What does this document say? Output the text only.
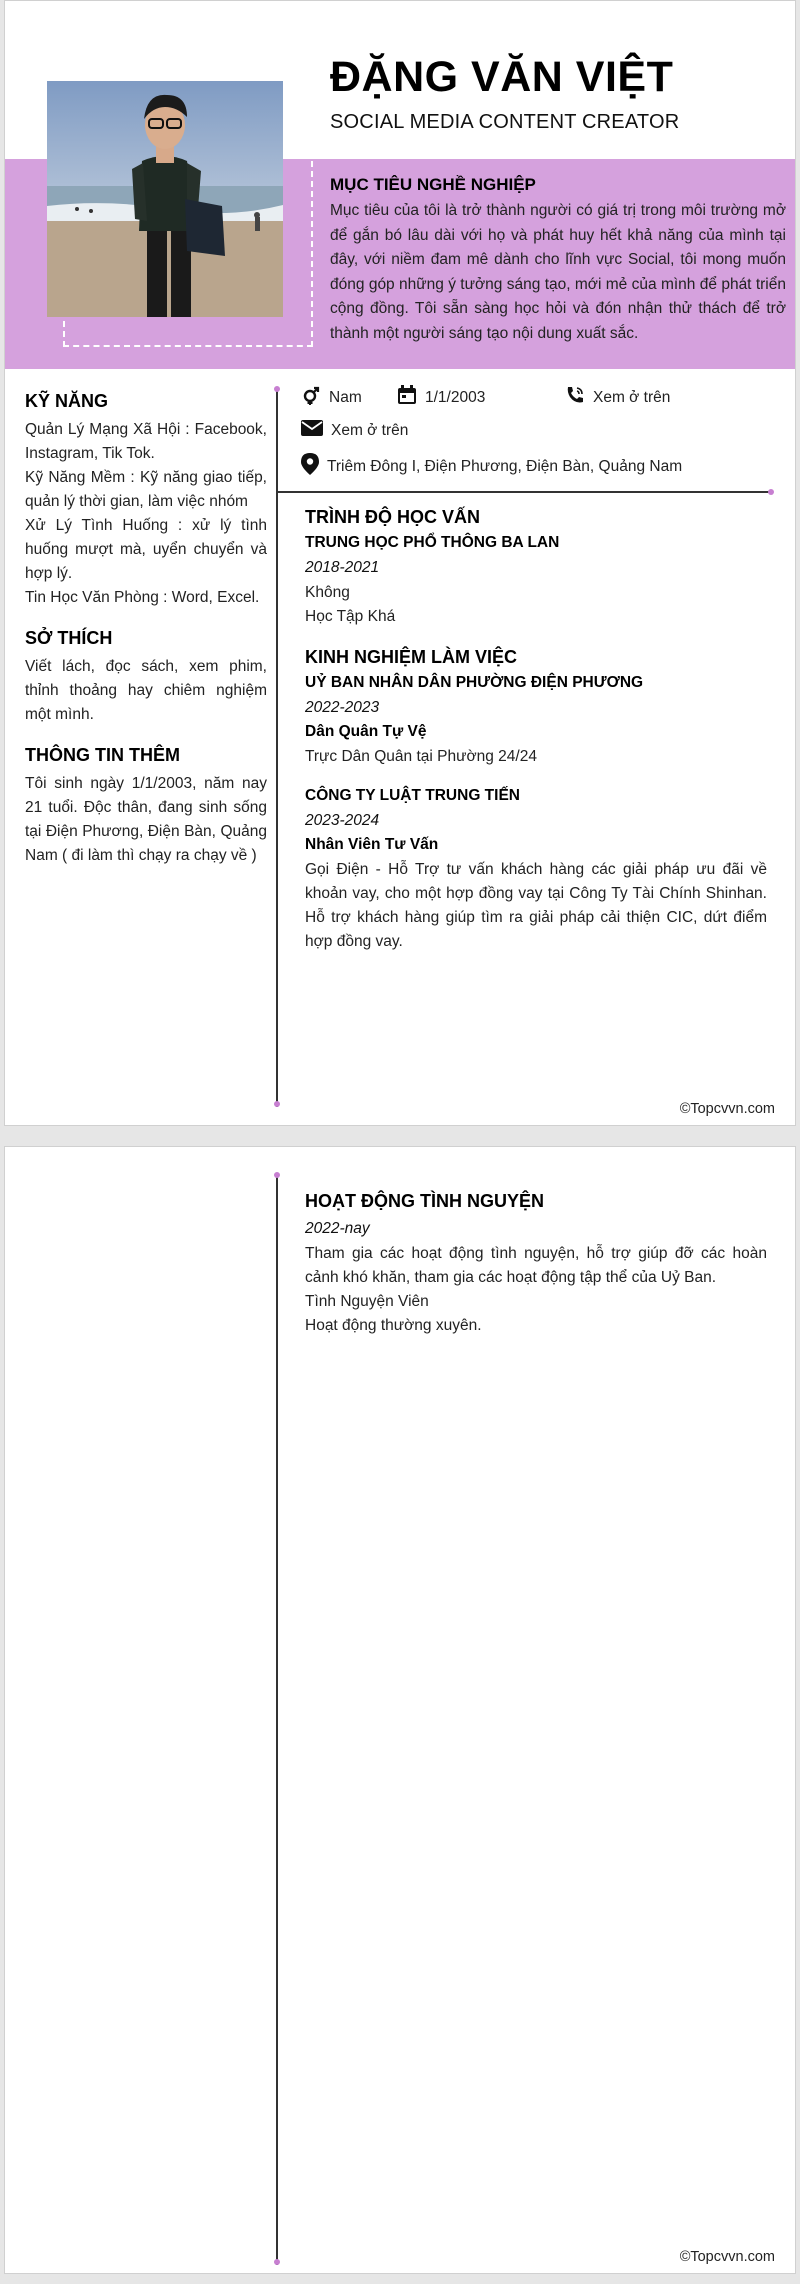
ĐẶNG VĂN VIỆT
SOCIAL MEDIA CONTENT CREATOR
MỤC TIÊU NGHỀ NGHIỆP
Mục tiêu của tôi là trở thành người có giá trị trong môi trường mở để gắn bó lâu dài với họ và phát huy hết khả năng của mình tại đây, với niềm đam mê dành cho lĩnh vực Social, tôi mong muốn đóng góp những ý tưởng sáng tạo, mới mẻ của mình để phát triển cộng đồng. Tôi sẵn sàng học hỏi và đón nhận thử thách để trở thành một người sáng tạo nội dung xuất sắc.
KỸ NĂNG

Quản Lý Mạng Xã Hội : Facebook, Instagram, Tik Tok.

Kỹ Năng Mềm : Kỹ năng giao tiếp, quản lý thời gian, làm việc nhóm

Xử Lý Tình Huống : xử lý tình huống mượt mà, uyển chuyển và hợp lý.

Tin Học Văn Phòng : Word, Excel.

SỞ THÍCH

Viết lách, đọc sách, xem phim, thỉnh thoảng hay chiêm nghiệm một mình.

THÔNG TIN THÊM

Tôi sinh ngày 1/1/2003, năm nay 21 tuổi. Độc thân, đang sinh sống tại Điện Phương, Điện Bàn, Quảng Nam ( đi làm thì chạy ra chạy về )

Nam	1/1/2003	Xem ở trên
Xem ở trên
Triêm Đông I, Điện Phương, Điện Bàn, Quảng Nam
TRÌNH ĐỘ HỌC VẤN
TRUNG HỌC PHỔ THÔNG BA LAN
2018-2021
Không
Học Tập Khá
KINH NGHIỆM LÀM VIỆC
UỶ BAN NHÂN DÂN PHƯỜNG ĐIỆN PHƯƠNG
2022-2023
Dân Quân Tự Vệ
Trực Dân Quân tại Phường 24/24
CÔNG TY LUẬT TRUNG TIẾN
2023-2024
Nhân Viên Tư Vấn
Gọi Điện - Hỗ Trợ tư vấn khách hàng các giải pháp ưu đãi về khoản vay, cho một hợp đồng vay tại Công Ty Tài Chính Shinhan. Hỗ trợ khách hàng giúp tìm ra giải pháp cải thiện CIC, dứt điểm hợp đồng vay.
©Topcvvn.com
HOẠT ĐỘNG TÌNH NGUYỆN
2022-nay
Tham gia các hoạt động tình nguyện, hỗ trợ giúp đỡ các hoàn cảnh khó khăn, tham gia các hoạt động tập thể của Uỷ Ban.
Tình Nguyện Viên
Hoạt động thường xuyên.
©Topcvvn.com
